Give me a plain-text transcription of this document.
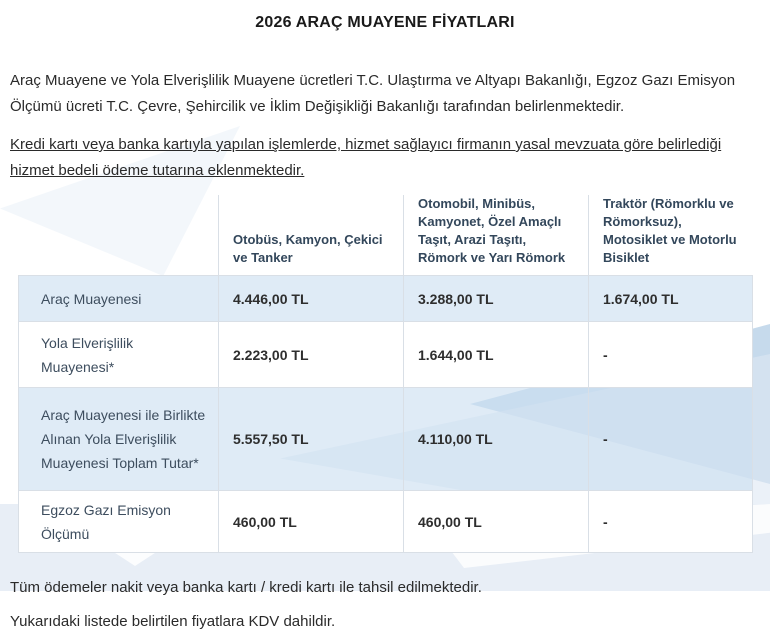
2026 ARAÇ MUAYENE FİYATLARI

Araç Muayene ve Yola Elverişlilik Muayene ücretleri T.C. Ulaştırma ve Altyapı Bakanlığı, Egzoz Gazı Emisyon Ölçümü ücreti T.C. Çevre, Şehircilik ve İklim Değişikliği Bakanlığı tarafından belirlenmektedir.

Kredi kartı veya banka kartıyla yapılan işlemlerde, hizmet sağlayıcı firmanın yasal mevzuata göre belirlediği hizmet bedeli ödeme tutarına eklenmektedir.

	Otobüs, Kamyon, Çekici ve Tanker	Otomobil, Minibüs, Kamyonet, Özel Amaçlı Taşıt, Arazi Taşıtı, Römork ve Yarı Römork	Traktör (Römorklu ve Römorksuz), Motosiklet ve Motorlu Bisiklet
Araç Muayenesi	4.446,00 TL	3.288,00 TL	1.674,00 TL
Yola Elverişlilik Muayenesi*	2.223,00 TL	1.644,00 TL	-
Araç Muayenesi ile Birlikte Alınan Yola Elverişlilik Muayenesi Toplam Tutar*	5.557,50 TL	4.110,00 TL	-
Egzoz Gazı Emisyon Ölçümü	460,00 TL	460,00 TL	-

Tüm ödemeler nakit veya banka kartı / kredi kartı ile tahsil edilmektedir.

Yukarıdaki listede belirtilen fiyatlara KDV dahildir.
